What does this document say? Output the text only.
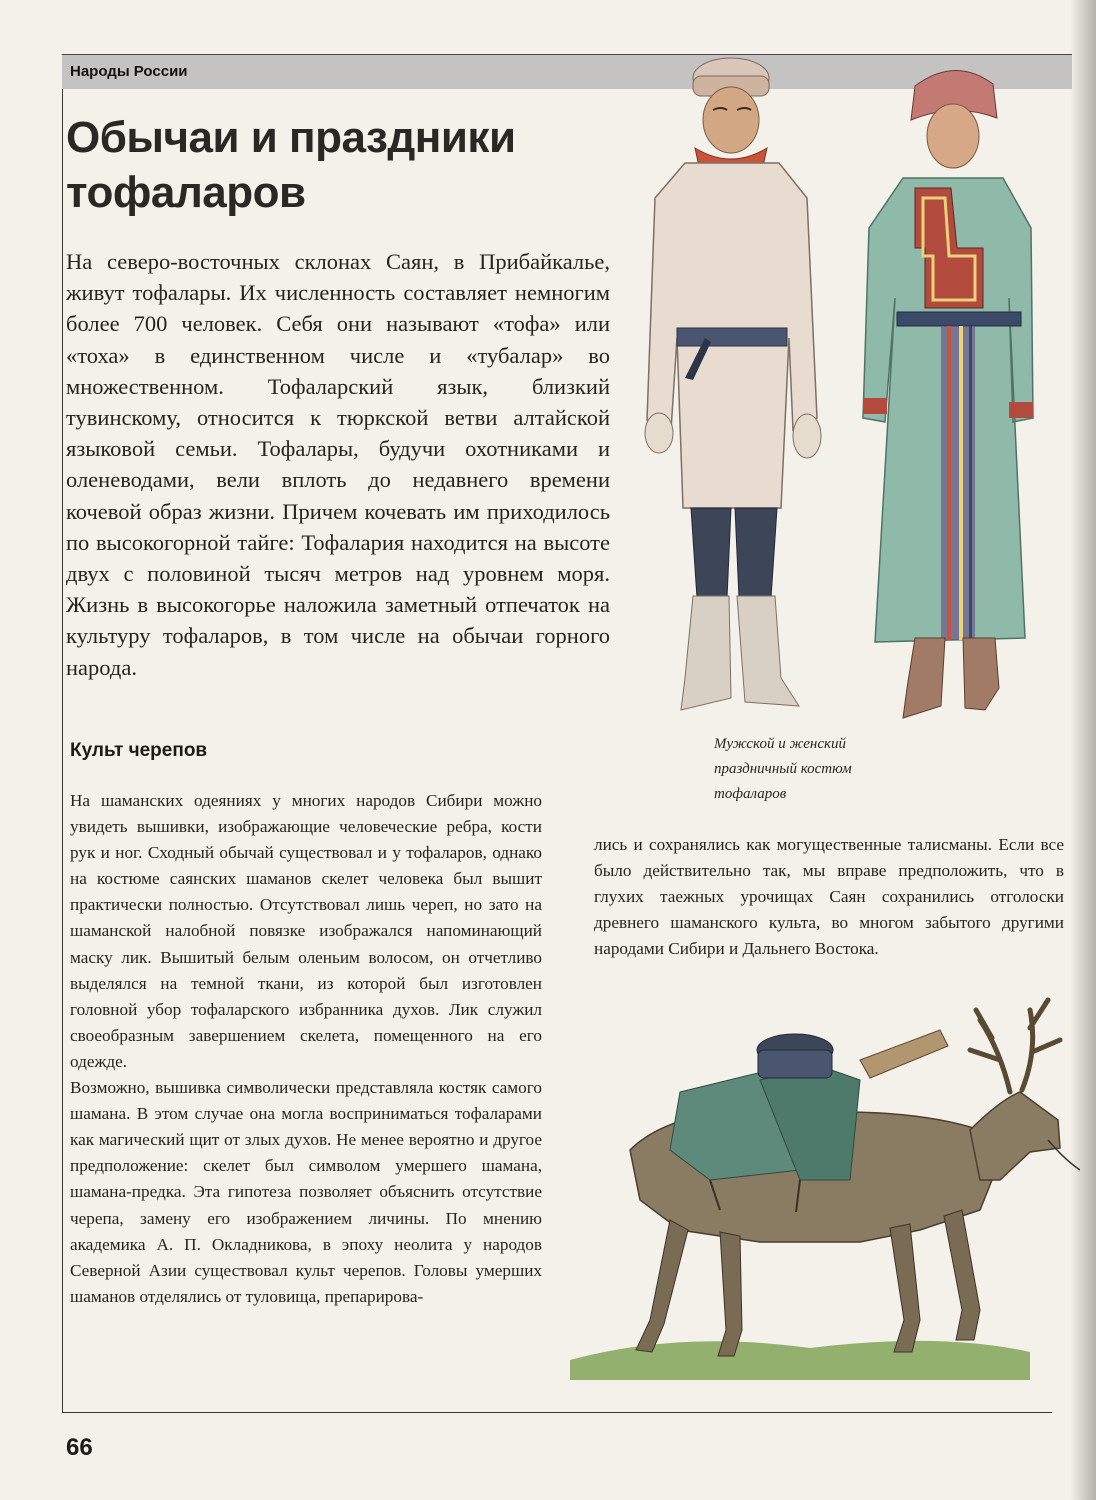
Народы России
Обычаи и праздники тофаларов

На северо-восточных склонах Саян, в Прибайкалье, живут тофалары. Их численность составляет немногим более 700 человек. Себя они называют «тофа» или «тоха» в единственном числе и «тубалар» во множественном. Тофаларский язык, близкий тувинскому, относится к тюркской ветви алтайской языковой семьи. Тофалары, будучи охотниками и оленеводами, вели вплоть до недавнего времени кочевой образ жизни. Причем кочевать им приходилось по высокогорной тайге: Тофалария находится на высоте двух с половиной тысяч метров над уровнем моря. Жизнь в высокогорье наложила заметный отпечаток на культуру тофаларов, в том числе на обычаи горного народа.

Мужской и женский праздничный костюм тофаларов

Культ черепов

На шаманских одеяниях у многих народов Сибири можно увидеть вышивки, изображающие человеческие ребра, кости рук и ног. Сходный обычай существовал и у тофаларов, однако на костюме саянских шаманов скелет человека был вышит практически полностью. Отсутствовал лишь череп, но зато на шаманской налобной повязке изображался напоминающий маску лик. Вышитый белым оленьим волосом, он отчетливо выделялся на темной ткани, из которой был изготовлен головной убор тофаларского избранника духов. Лик служил своеобразным завершением скелета, помещенного на его одежде.

Возможно, вышивка символически представляла костяк самого шамана. В этом случае она могла восприниматься тофаларами как магический щит от злых духов. Не менее вероятно и другое предположение: скелет был символом умершего шамана, шамана-предка. Эта гипотеза позволяет объяснить отсутствие черепа, замену его изображением личины. По мнению академика А. П. Окладникова, в эпоху неолита у народов Северной Азии существовал культ черепов. Головы умерших шаманов отделялись от туловища, препарирова-

лись и сохранялись как могущественные талисманы. Если все было действительно так, мы вправе предположить, что в глухих таежных урочищах Саян сохранились отголоски древнего шаманского культа, во многом забытого другими народами Сибири и Дальнего Востока.

66
